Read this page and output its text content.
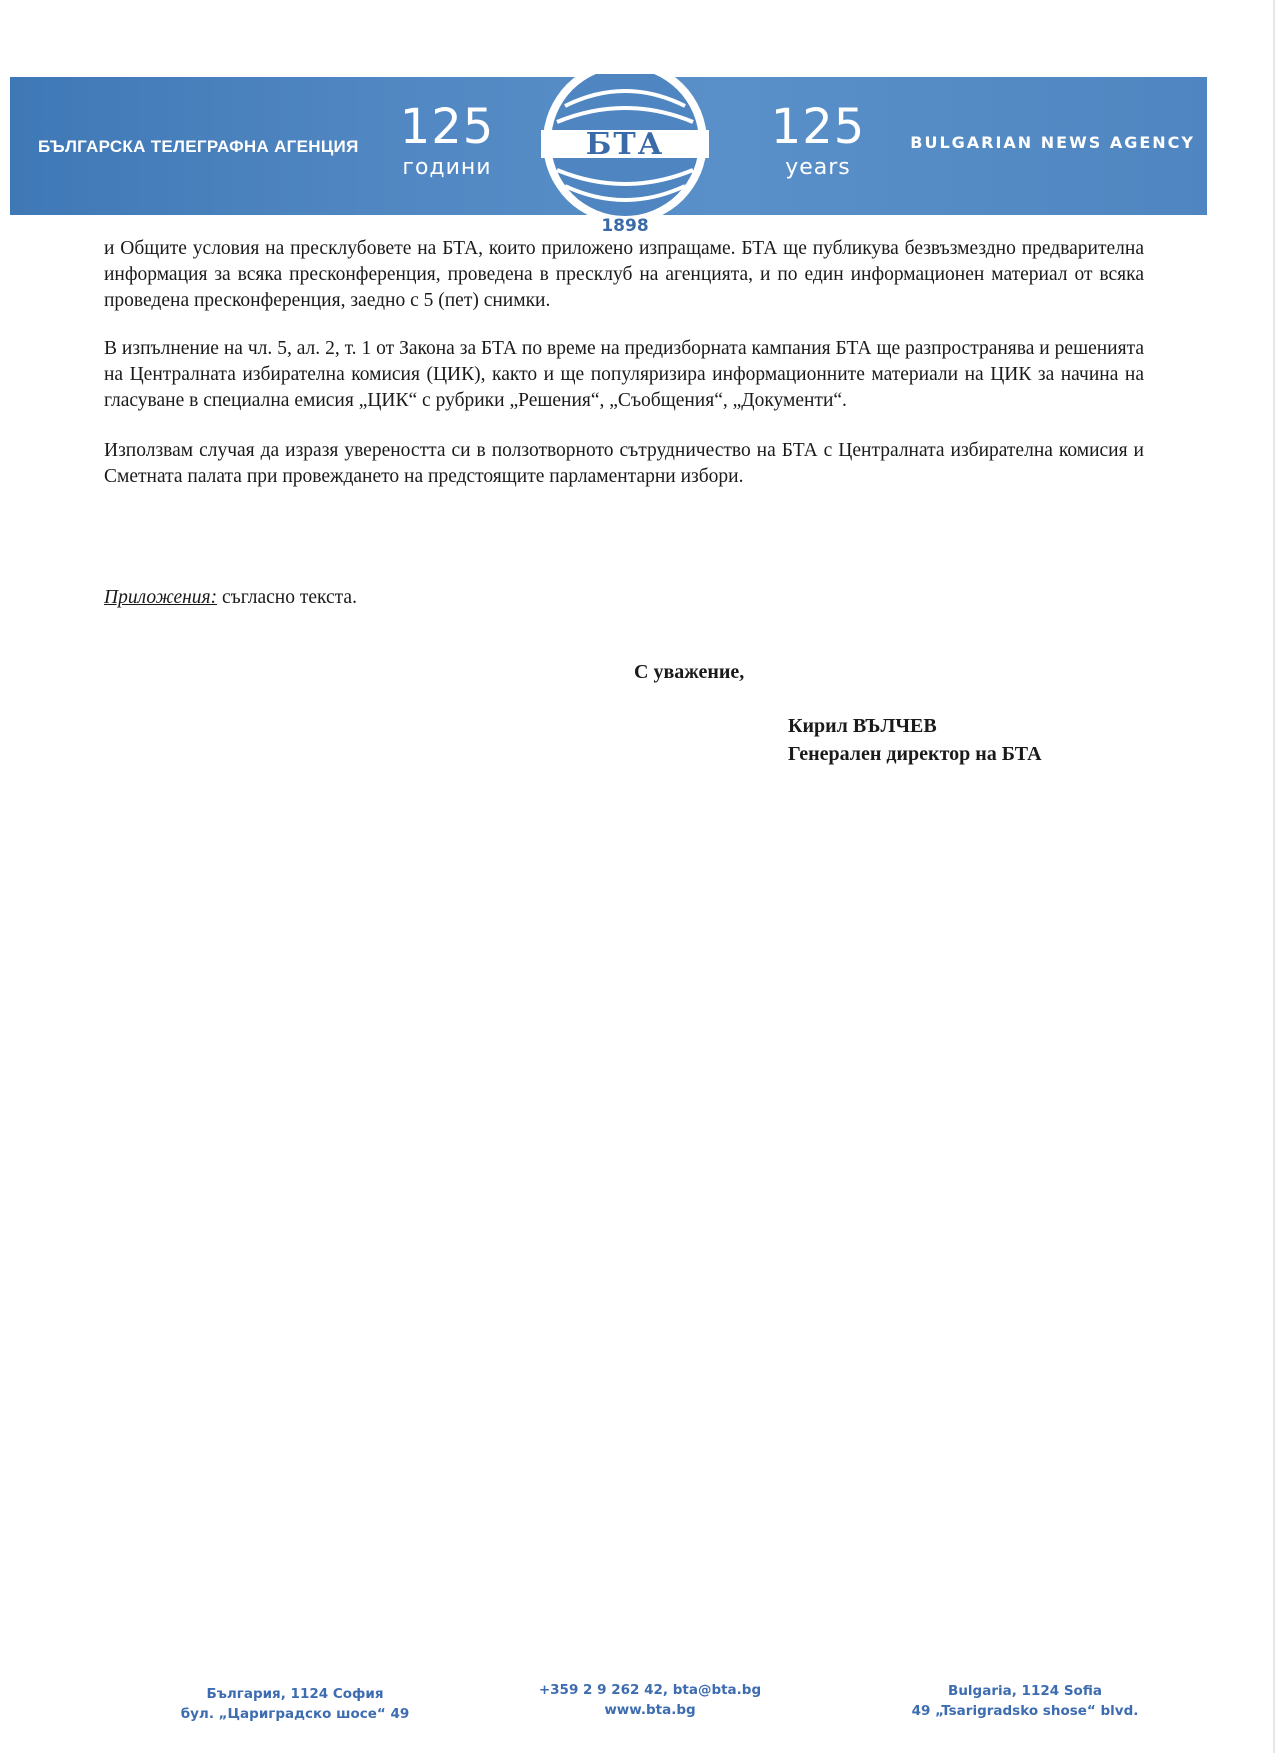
БЪЛГАРСКА ТЕЛЕГРАФНА АГЕНЦИЯ 125
години
125
years
BULGARIAN NEWS AGENCY
БТА
1898

и Общите условия на пресклубовете на БТА, които приложено изпращаме. БТА ще публикува безвъзмездно предварителна информация за всяка пресконференция, проведена в пресклуб на агенцията, и по един информационен материал от всяка проведена пресконференция, заедно с 5 (пет) снимки.

В изпълнение на чл. 5, ал. 2, т. 1 от Закона за БТА по време на предизборната кампания БТА ще разпространява и решенията на Централната избирателна комисия (ЦИК), както и ще популяризира информационните материали на ЦИК за начина на гласуване в специална емисия „ЦИК“ с рубрики „Решения“, „Съобщения“, „Документи“.

Използвам случая да изразя увереността си в ползотворното сътрудничество на БТА с Централната избирателна комисия и Сметната палата при провеждането на предстоящите парламентарни избори.

Приложения: съгласно текста.
С уважение,
Кирил ВЪЛЧЕВ
Генерален директор на БТА
България, 1124 София
бул. „Цариградско шосе“ 49
+359 2 9 262 42, bta@bta.bg
www.bta.bg
Bulgaria, 1124 Sofia
49 „Tsarigradsko shose“ blvd.
